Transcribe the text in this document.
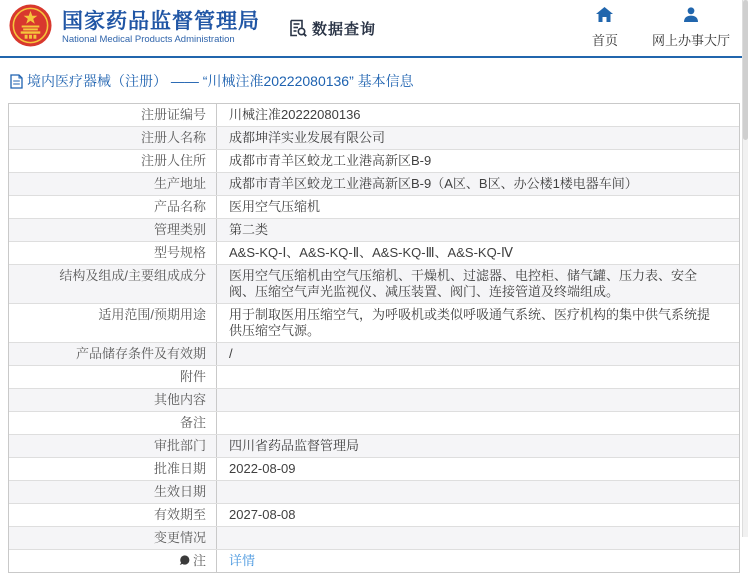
国家药品监督管理局
National Medical Products Administration
数据查询
首页	网上办事大厅
境内医疗器械（注册） —— “川械注准20222080136” 基本信息
注册证编号	川械注准20222080136
注册人名称	成都坤洋实业发展有限公司
注册人住所	成都市青羊区蛟龙工业港高新区B-9
生产地址	成都市青羊区蛟龙工业港高新区B-9（A区、B区、办公楼1楼电器车间）
产品名称	医用空气压缩机
管理类别	第二类
型号规格	A&S-KQ-Ⅰ、A&S-KQ-Ⅱ、A&S-KQ-Ⅲ、A&S-KQ-Ⅳ
结构及组成/主要组成成分	医用空气压缩机由空气压缩机、干燥机、过滤器、电控柜、储气罐、压力表、安全阀、压缩空气声光监视仪、减压装置、阀门、连接管道及终端组成。
适用范围/预期用途	用于制取医用压缩空气，为呼吸机或类似呼吸通气系统、医疗机构的集中供气系统提供压缩空气源。
产品储存条件及有效期	/
附件
其他内容
备注
审批部门	四川省药品监督管理局
批准日期	2022-08-09
生效日期
有效期至	2027-08-08
变更情况
注	详情
